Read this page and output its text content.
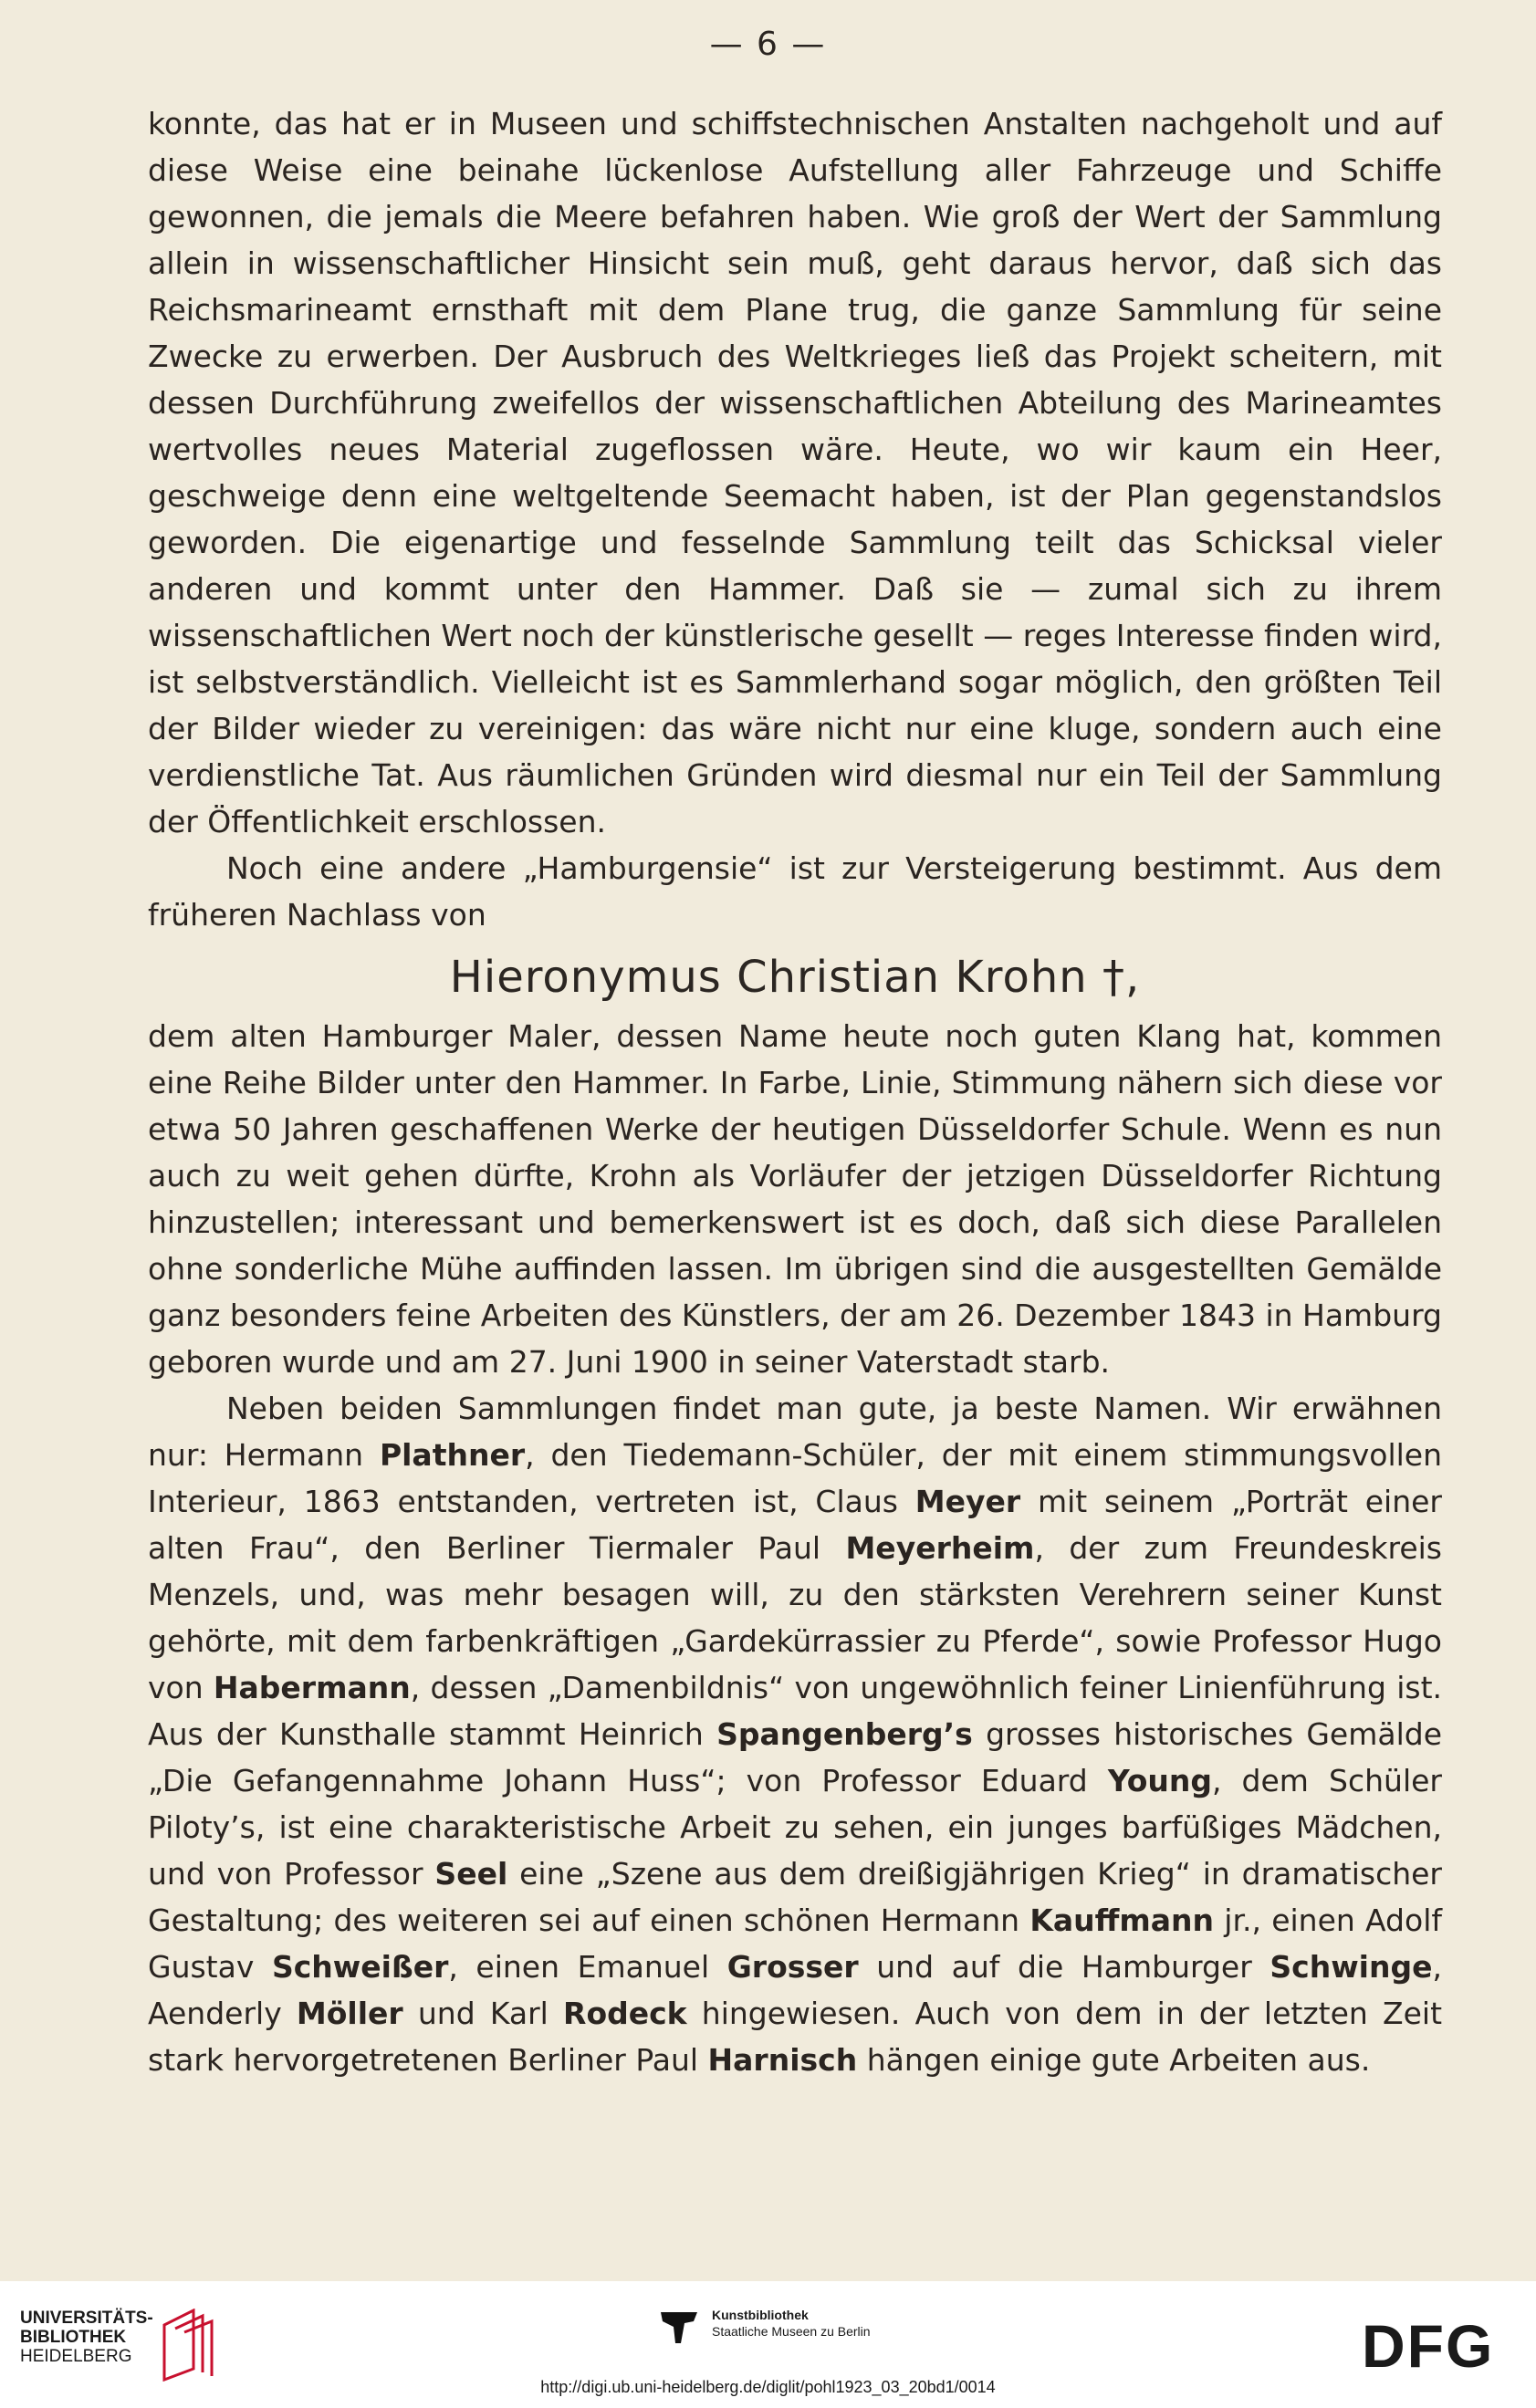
— 6 —

konnte, das hat er in Museen und schiffstechnischen Anstalten nachgeholt und auf diese Weise eine beinahe lückenlose Aufstellung aller Fahrzeuge und Schiffe gewonnen, die jemals die Meere befahren haben. Wie groß der Wert der Sammlung allein in wissenschaftlicher Hinsicht sein muß, geht daraus hervor, daß sich das Reichsmarineamt ernsthaft mit dem Plane trug, die ganze Sammlung für seine Zwecke zu erwerben. Der Ausbruch des Weltkrieges ließ das Projekt scheitern, mit dessen Durchführung zweifellos der wissenschaftlichen Abteilung des Marineamtes wertvolles neues Material zugeflossen wäre. Heute, wo wir kaum ein Heer, geschweige denn eine weltgeltende Seemacht haben, ist der Plan gegenstandslos geworden. Die eigenartige und fesselnde Sammlung teilt das Schicksal vieler anderen und kommt unter den Hammer. Daß sie — zumal sich zu ihrem wissenschaftlichen Wert noch der künstlerische gesellt — reges Interesse finden wird, ist selbstverständlich. Vielleicht ist es Sammlerhand sogar möglich, den größten Teil der Bilder wieder zu vereinigen: das wäre nicht nur eine kluge, sondern auch eine verdienstliche Tat. Aus räumlichen Gründen wird diesmal nur ein Teil der Sammlung der Öffentlichkeit erschlossen.

Noch eine andere „Hamburgensie“ ist zur Versteigerung bestimmt. Aus dem früheren Nachlass von

Hieronymus Christian Krohn †,

dem alten Hamburger Maler, dessen Name heute noch guten Klang hat, kommen eine Reihe Bilder unter den Hammer. In Farbe, Linie, Stimmung nähern sich diese vor etwa 50 Jahren geschaffenen Werke der heutigen Düsseldorfer Schule. Wenn es nun auch zu weit gehen dürfte, Krohn als Vorläufer der jetzigen Düsseldorfer Richtung hinzustellen; interessant und bemerkenswert ist es doch, daß sich diese Parallelen ohne sonderliche Mühe auffinden lassen. Im übrigen sind die ausgestellten Gemälde ganz besonders feine Arbeiten des Künstlers, der am 26. Dezember 1843 in Hamburg geboren wurde und am 27. Juni 1900 in seiner Vaterstadt starb.

Neben beiden Sammlungen findet man gute, ja beste Namen. Wir erwähnen nur: Hermann Plathner, den Tiedemann-Schüler, der mit einem stimmungsvollen Interieur, 1863 entstanden, vertreten ist, Claus Meyer mit seinem „Porträt einer alten Frau“, den Berliner Tiermaler Paul Meyerheim, der zum Freundeskreis Menzels, und, was mehr besagen will, zu den stärksten Verehrern seiner Kunst gehörte, mit dem farbenkräftigen „Gardekürrassier zu Pferde“, sowie Professor Hugo von Habermann, dessen „Damenbildnis“ von ungewöhnlich feiner Linienführung ist. Aus der Kunsthalle stammt Heinrich Spangenberg’s grosses historisches Gemälde „Die Gefangennahme Johann Huss“; von Professor Eduard Young, dem Schüler Piloty’s, ist eine charakteristische Arbeit zu sehen, ein junges barfüßiges Mädchen, und von Professor Seel eine „Szene aus dem dreißigjährigen Krieg“ in dramatischer Gestaltung; des weiteren sei auf einen schönen Hermann Kauffmann jr., einen Adolf Gustav Schweißer, einen Emanuel Grosser und auf die Hamburger Schwinge, Aenderly Möller und Karl Rodeck hingewiesen. Auch von dem in der letzten Zeit stark hervorgetretenen Berliner Paul Harnisch hängen einige gute Arbeiten aus.

UNIVERSITÄTS-
BIBLIOTHEK
HEIDELBERG
Kunstbibliothek
Staatliche Museen zu Berlin	DFG
http://digi.ub.uni-heidelberg.de/diglit/pohl1923_03_20bd1/0014
